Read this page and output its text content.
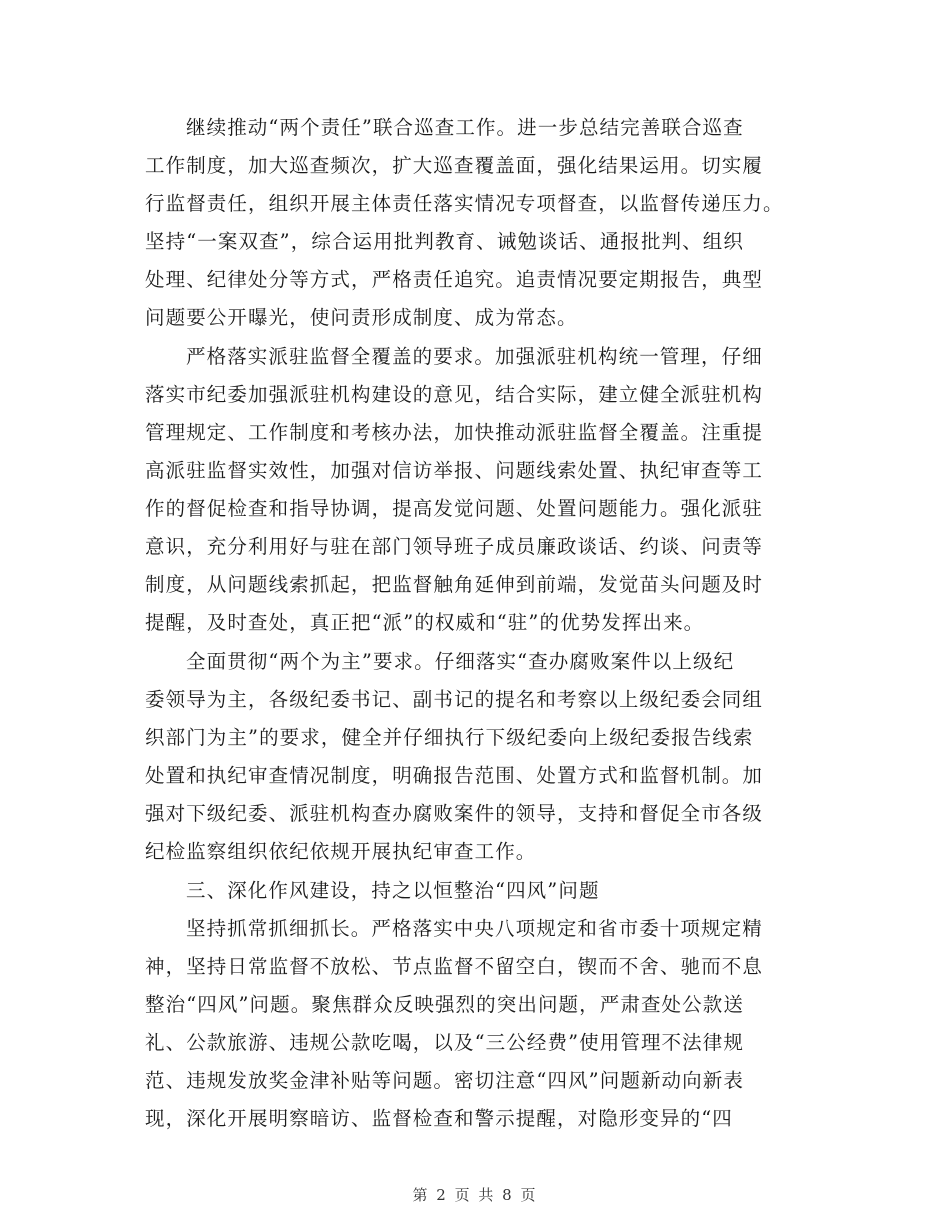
继续推动“两个责任”联合巡查工作。进一步总结完善联合巡查
工作制度，加大巡查频次，扩大巡查覆盖面，强化结果运用。切实履
行监督责任，组织开展主体责任落实情况专项督查，以监督传递压力。
坚持“一案双查”，综合运用批判教育、诫勉谈话、通报批判、组织
处理、纪律处分等方式，严格责任追究。追责情况要定期报告，典型
问题要公开曝光，使问责形成制度、成为常态。
严格落实派驻监督全覆盖的要求。加强派驻机构统一管理，仔细
落实市纪委加强派驻机构建设的意见，结合实际，建立健全派驻机构
管理规定、工作制度和考核办法，加快推动派驻监督全覆盖。注重提
高派驻监督实效性，加强对信访举报、问题线索处置、执纪审查等工
作的督促检查和指导协调，提高发觉问题、处置问题能力。强化派驻
意识，充分利用好与驻在部门领导班子成员廉政谈话、约谈、问责等
制度，从问题线索抓起，把监督触角延伸到前端，发觉苗头问题及时
提醒，及时查处，真正把“派”的权威和“驻”的优势发挥出来。
全面贯彻“两个为主”要求。仔细落实“查办腐败案件以上级纪
委领导为主，各级纪委书记、副书记的提名和考察以上级纪委会同组
织部门为主”的要求，健全并仔细执行下级纪委向上级纪委报告线索
处置和执纪审查情况制度，明确报告范围、处置方式和监督机制。加
强对下级纪委、派驻机构查办腐败案件的领导，支持和督促全市各级
纪检监察组织依纪依规开展执纪审查工作。
三、深化作风建设，持之以恒整治“四风”问题
坚持抓常抓细抓长。严格落实中央八项规定和省市委十项规定精
神，坚持日常监督不放松、节点监督不留空白，锲而不舍、驰而不息
整治“四风”问题。聚焦群众反映强烈的突出问题，严肃查处公款送
礼、公款旅游、违规公款吃喝，以及“三公经费”使用管理不法律规
范、违规发放奖金津补贴等问题。密切注意“四风”问题新动向新表
现，深化开展明察暗访、监督检查和警示提醒，对隐形变异的“四
第 2 页 共 8 页
